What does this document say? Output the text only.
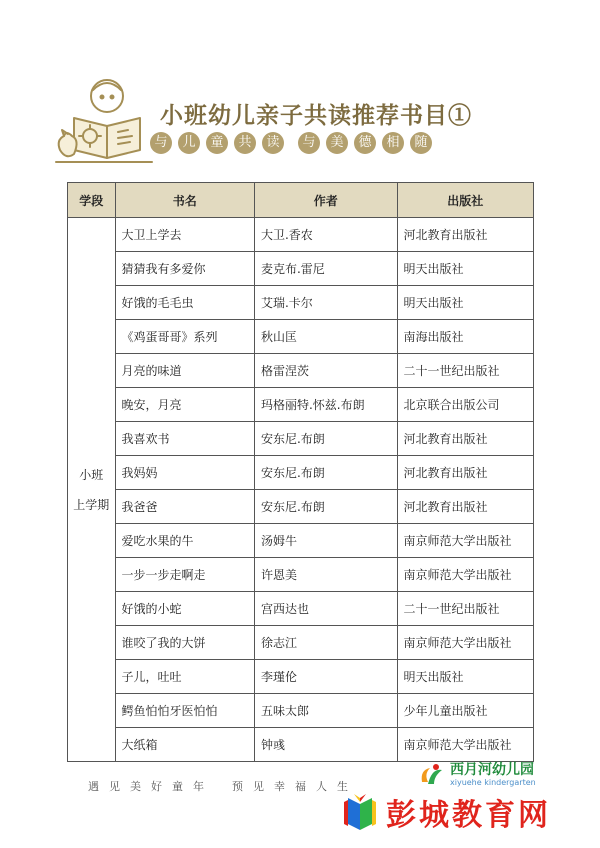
小班幼儿亲子共读推荐书目①
与	儿	童	共	读	与	美	德	相	随
学段	书名	作者	出版社

小班
上学期	大卫上学去	大卫.香农	河北教育出版社
	猜猜我有多爱你	麦克布.雷尼	明天出版社
	好饿的毛毛虫	艾瑞.卡尔	明天出版社
	《鸡蛋哥哥》系列	秋山匡	南海出版社
	月亮的味道	格雷涅茨	二十一世纪出版社
	晚安，月亮	玛格丽特.怀兹.布朗	北京联合出版公司
	我喜欢书	安东尼.布朗	河北教育出版社
	我妈妈	安东尼.布朗	河北教育出版社
	我爸爸	安东尼.布朗	河北教育出版社
	爱吃水果的牛	汤姆牛	南京师范大学出版社
	一步一步走啊走	许恩美	南京师范大学出版社
	好饿的小蛇	宫西达也	二十一世纪出版社
	谁咬了我的大饼	徐志江	南京师范大学出版社
	子儿，吐吐	李瑾伦	明天出版社
	鳄鱼怕怕牙医怕怕	五味太郎	少年儿童出版社
	大纸箱	钟彧	南京师范大学出版社
遇 见 美 好 童 年	预 见 幸 福 人 生
西月河幼儿园
xiyuehe kindergarten
彭城教育网
